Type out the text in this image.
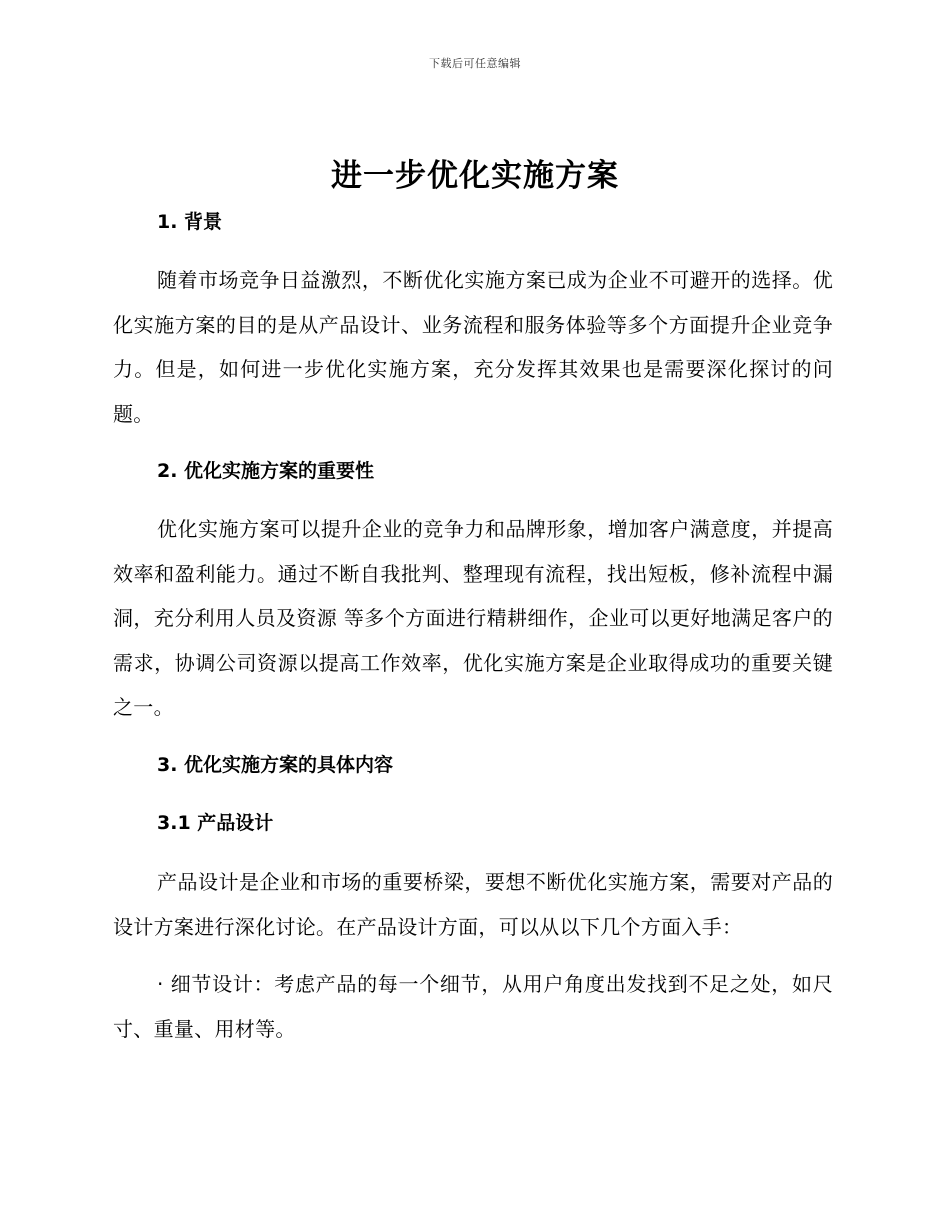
下载后可任意编辑
进一步优化实施方案
1. 背景

随着市场竞争日益激烈，不断优化实施方案已成为企业不可避开的选择。优化实施方案的目的是从产品设计、业务流程和服务体验等多个方面提升企业竞争力。但是，如何进一步优化实施方案，充分发挥其效果也是需要深化探讨的问题。

2. 优化实施方案的重要性

优化实施方案可以提升企业的竞争力和品牌形象，增加客户满意度，并提高效率和盈利能力。通过不断自我批判、整理现有流程，找出短板，修补流程中漏洞，充分利用人员及资源 等多个方面进行精耕细作，企业可以更好地满足客户的需求，协调公司资源以提高工作效率，优化实施方案是企业取得成功的重要关键之一。

3. 优化实施方案的具体内容
3.1 产品设计

产品设计是企业和市场的重要桥梁，要想不断优化实施方案，需要对产品的设计方案进行深化讨论。在产品设计方面，可以从以下几个方面入手：

· 细节设计：考虑产品的每一个细节，从用户角度出发找到不足之处，如尺寸、重量、用材等。
